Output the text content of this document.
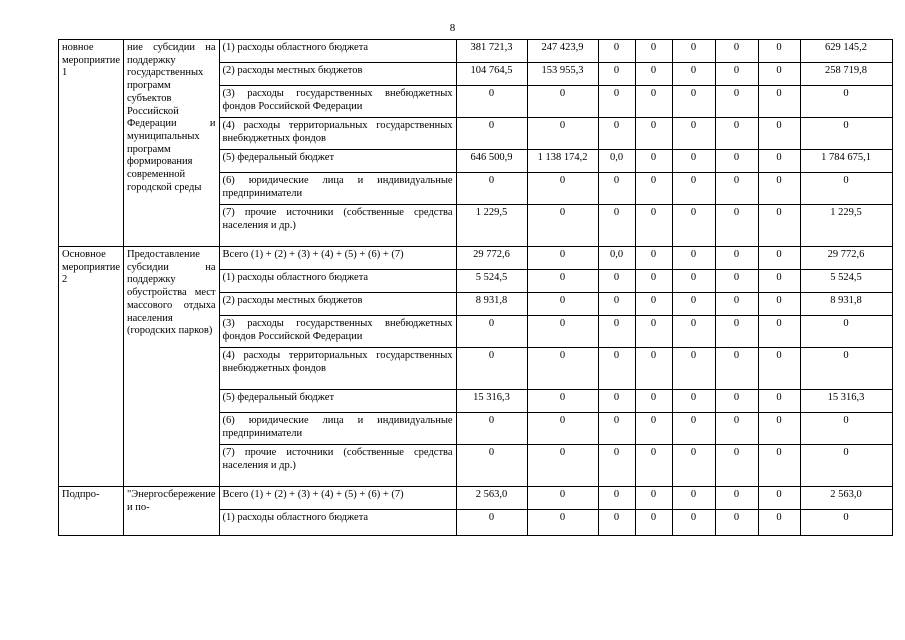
8
новное мероприятие 1	ние субсидии на поддержку государственных программ субъектов Российской Федерации и муниципальных программ формирования современной городской среды	(1) расходы областного бюджета	381 721,3	247 423,9	0	0	0	0	0	629 145,2
		(2) расходы местных бюджетов	104 764,5	153 955,3	0	0	0	0	0	258 719,8
		(3) расходы государственных внебюджетных фондов Российской Федерации	0	0	0	0	0	0	0	0
		(4) расходы территориальных государственных внебюджетных фондов	0	0	0	0	0	0	0	0
		(5) федеральный бюджет	646 500,9	1 138 174,2	0,0	0	0	0	0	1 784 675,1
		(6) юридические лица и индивидуальные предприниматели	0	0	0	0	0	0	0	0
		(7) прочие источники (собственные средства населения и др.)	1 229,5	0	0	0	0	0	0	1 229,5
Основное мероприятие 2	Предоставление субсидии на поддержку обустройства мест массового отдыха населения (городских парков)	Всего (1) + (2) + (3) + (4) + (5) + (6) + (7)	29 772,6	0	0,0	0	0	0	0	29 772,6
		(1) расходы областного бюджета	5 524,5	0	0	0	0	0	0	5 524,5
		(2) расходы местных бюджетов	8 931,8	0	0	0	0	0	0	8 931,8
		(3) расходы государственных внебюджетных фондов Российской Федерации	0	0	0	0	0	0	0	0
		(4) расходы территориальных государственных внебюджетных фондов	0	0	0	0	0	0	0	0
		(5) федеральный бюджет	15 316,3	0	0	0	0	0	0	15 316,3
		(6) юридические лица и индивидуальные предприниматели	0	0	0	0	0	0	0	0
		(7) прочие источники (собственные средства населения и др.)	0	0	0	0	0	0	0	0
Подпро-	"Энергосбережение и по-	Всего (1) + (2) + (3) + (4) + (5) + (6) + (7)	2 563,0	0	0	0	0	0	0	2 563,0
		(1) расходы областного бюджета	0	0	0	0	0	0	0	0
